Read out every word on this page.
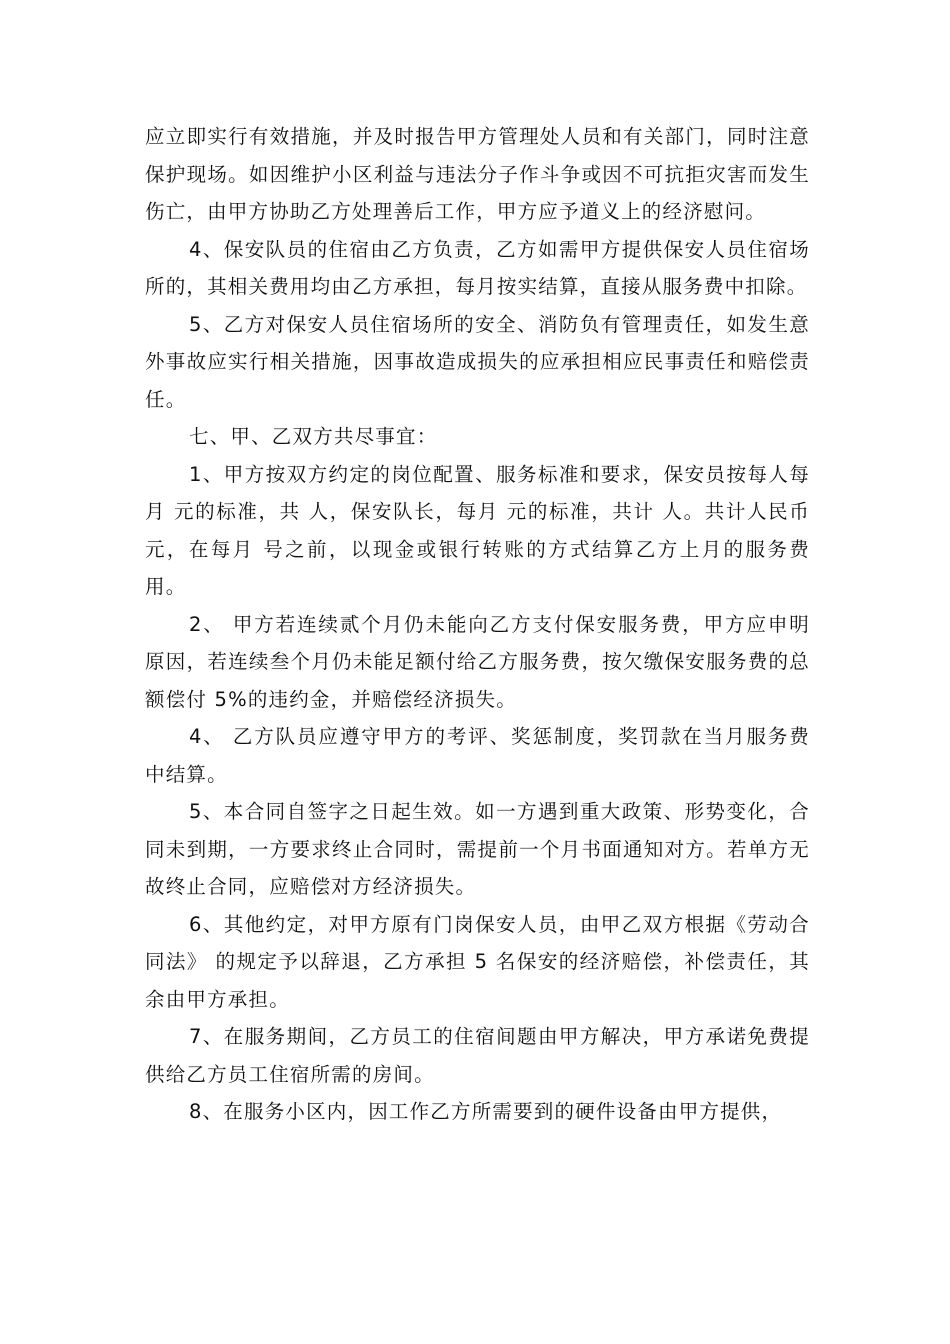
应立即实行有效措施，并及时报告甲方管理处人员和有关部门，同时注意保护现场。如因维护小区利益与违法分子作斗争或因不可抗拒灾害而发生伤亡，由甲方协助乙方处理善后工作，甲方应予道义上的经济慰问。

4、保安队员的住宿由乙方负责，乙方如需甲方提供保安人员住宿场所的，其相关费用均由乙方承担，每月按实结算，直接从服务费中扣除。

5、乙方对保安人员住宿场所的安全、消防负有管理责任，如发生意外事故应实行相关措施，因事故造成损失的应承担相应民事责任和赔偿责任。

七、甲、乙双方共尽事宜：

1、甲方按双方约定的岗位配置、服务标准和要求，保安员按每人每月 元的标准，共 人，保安队长，每月 元的标准，共计 人。共计人民币 元，在每月 号之前，以现金或银行转账的方式结算乙方上月的服务费用。

2、 甲方若连续贰个月仍未能向乙方支付保安服务费，甲方应申明原因，若连续叁个月仍未能足额付给乙方服务费，按欠缴保安服务费的总额偿付 5%的违约金，并赔偿经济损失。

4、 乙方队员应遵守甲方的考评、奖惩制度，奖罚款在当月服务费中结算。

5、本合同自签字之日起生效。如一方遇到重大政策、形势变化，合同未到期，一方要求终止合同时，需提前一个月书面通知对方。若单方无故终止合同，应赔偿对方经济损失。

6、其他约定，对甲方原有门岗保安人员，由甲乙双方根据《劳动合同法》 的规定予以辞退，乙方承担 5 名保安的经济赔偿，补偿责任，其余由甲方承担。

7、在服务期间，乙方员工的住宿间题由甲方解决，甲方承诺免费提供给乙方员工住宿所需的房间。

8、在服务小区内，因工作乙方所需要到的硬件设备由甲方提供，
